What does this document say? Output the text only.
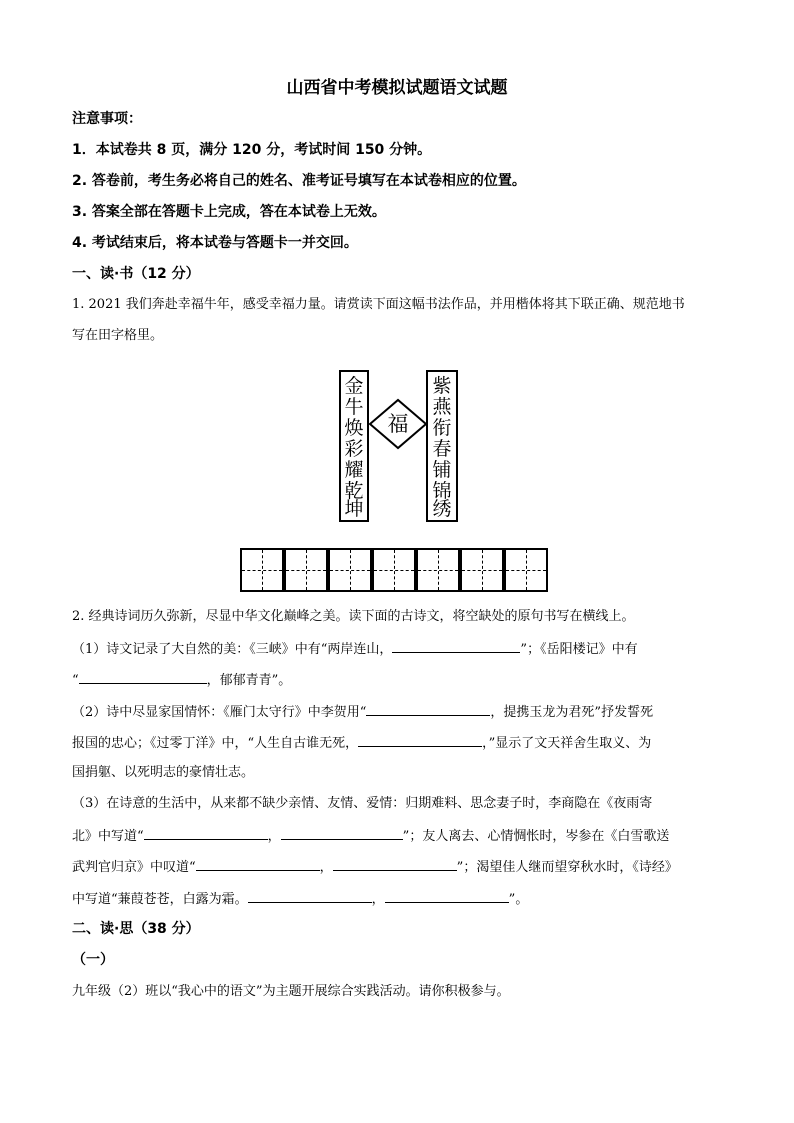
山西省中考模拟试题语文试题
注意事项：
1．本试卷共 8 页，满分 120 分，考试时间 150 分钟。
2. 答卷前，考生务必将自己的姓名、准考证号填写在本试卷相应的位置。
3. 答案全部在答题卡上完成，答在本试卷上无效。
4. 考试结束后，将本试卷与答题卡一并交回。
一、读·书（12 分）
1. 2021 我们奔赴幸福牛年，感受幸福力量。请赏读下面这幅书法作品，并用楷体将其下联正确、规范地书
写在田字格里。
金
牛
焕
彩
耀
乾
坤
福
紫
燕
衔
春
铺
锦
绣
2. 经典诗词历久弥新，尽显中华文化巅峰之美。读下面的古诗文，将空缺处的原句书写在横线上。
（1）诗文记录了大自然的美：《三峡》中有“两岸连山，	”；《岳阳楼记》中有
“	，郁郁青青”。
（2）诗中尽显家国情怀：《雁门太守行》中李贺用“	，提携玉龙为君死”抒发誓死
报国的忠心；《过零丁洋》中，“人生自古谁无死，	，”显示了文天祥舍生取义、为
国捐躯、以死明志的豪情壮志。
（3）在诗意的生活中，从来都不缺少亲情、友情、爱情：归期难料、思念妻子时，李商隐在《夜雨寄
北》中写道“	，	”；友人离去、心情惆怅时，岑参在《白雪歌送
武判官归京》中叹道“	，	”；渴望佳人继而望穿秋水时，《诗经》
中写道“蒹葭苍苍，白露为霜。	，	”。
二、读·思（38 分）
（一）
九年级（2）班以“我心中的语文”为主题开展综合实践活动。请你积极参与。
